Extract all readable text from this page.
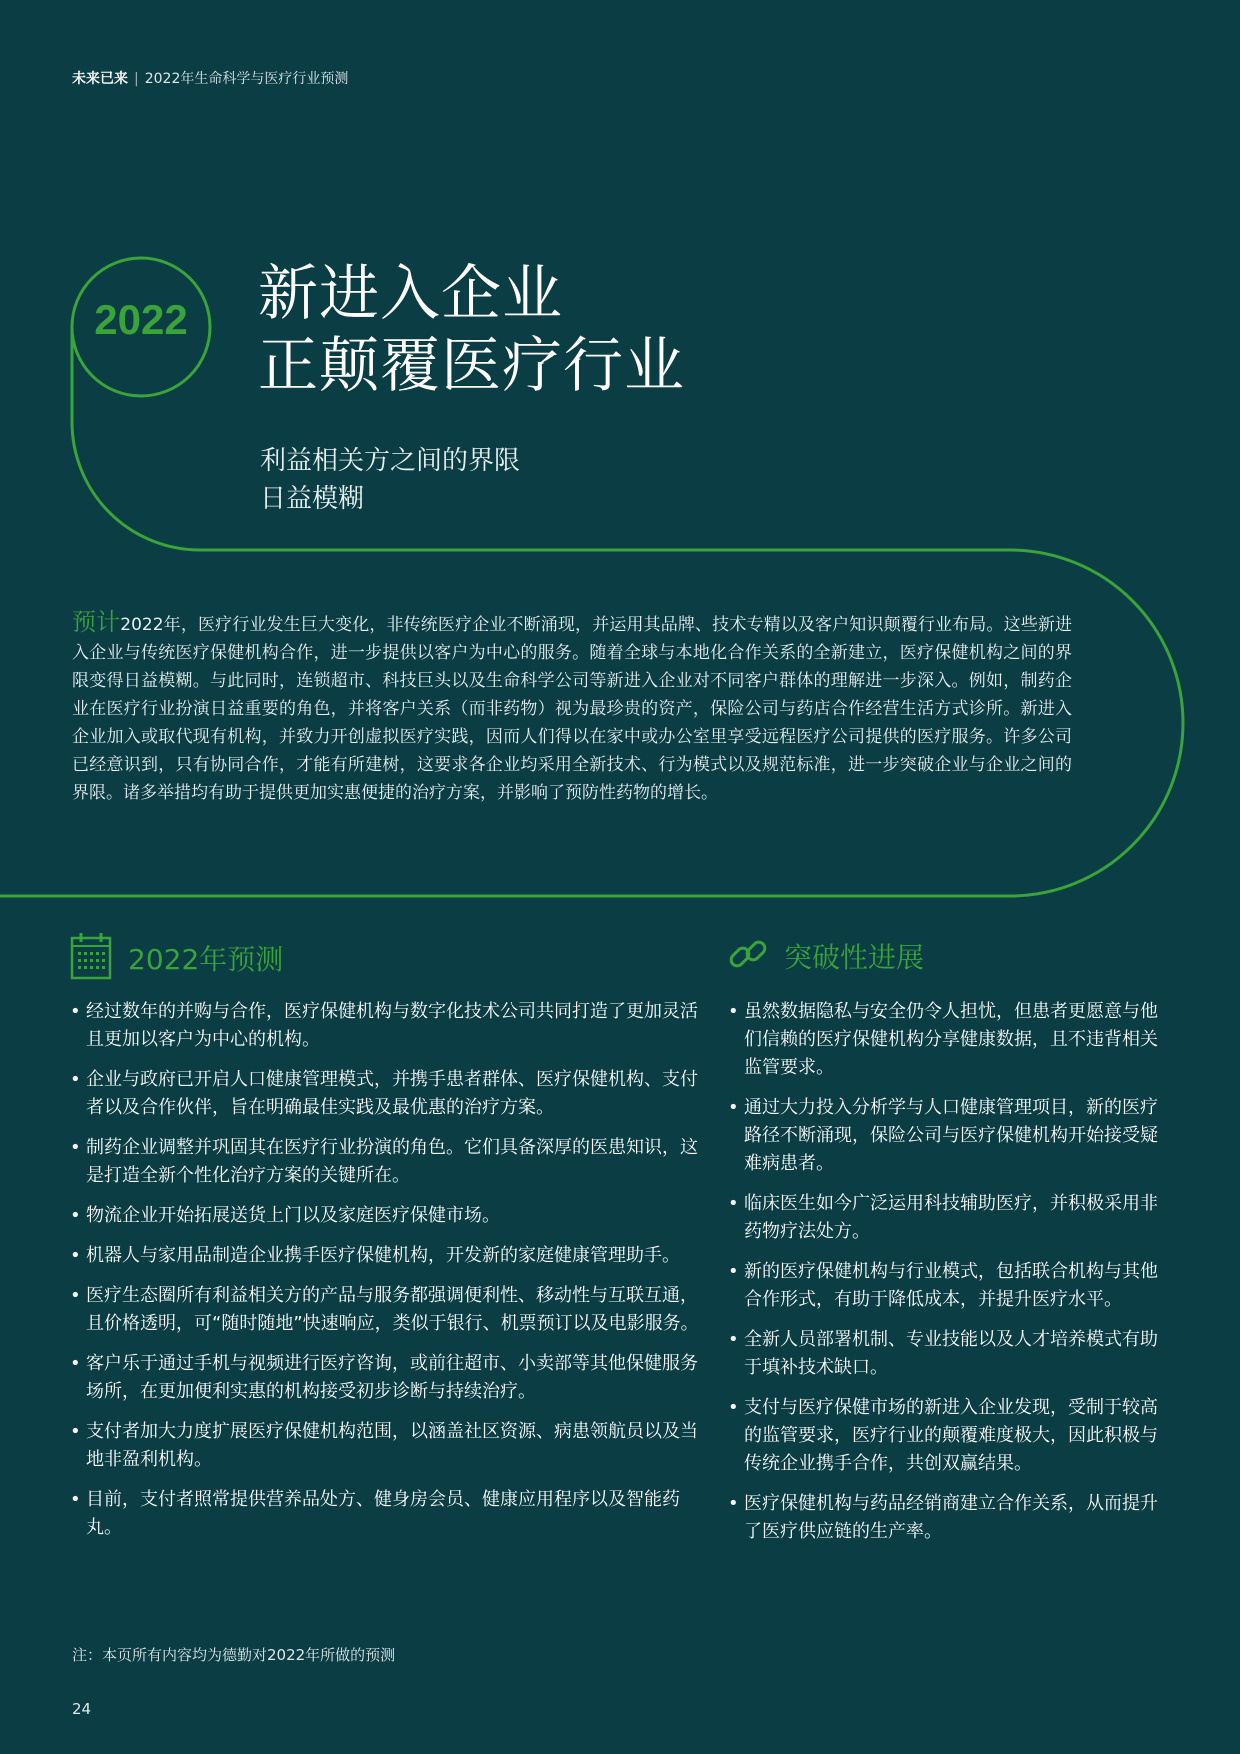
未来已来 | 2022年生命科学与医疗行业预测
2022	新进入企业
正颠覆医疗行业
利益相关方之间的界限
日益模糊
预计2022年，医疗行业发生巨大变化，非传统医疗企业不断涌现，并运用其品牌、技术专精以及客户知识颠覆行业布局。这些新进入企业与传统医疗保健机构合作，进一步提供以客户为中心的服务。随着全球与本地化合作关系的全新建立，医疗保健机构之间的界限变得日益模糊。与此同时，连锁超市、科技巨头以及生命科学公司等新进入企业对不同客户群体的理解进一步深入。例如，制药企业在医疗行业扮演日益重要的角色，并将客户关系（而非药物）视为最珍贵的资产，保险公司与药店合作经营生活方式诊所。新进入企业加入或取代现有机构，并致力开创虚拟医疗实践，因而人们得以在家中或办公室里享受远程医疗公司提供的医疗服务。许多公司已经意识到，只有协同合作，才能有所建树，这要求各企业均采用全新技术、行为模式以及规范标准，进一步突破企业与企业之间的界限。诸多举措均有助于提供更加实惠便捷的治疗方案，并影响了预防性药物的增长。
2022年预测	突破性进展
• 经过数年的并购与合作，医疗保健机构与数字化技术公司共同打造了更加灵活且更加以客户为中心的机构。
• 企业与政府已开启人口健康管理模式，并携手患者群体、医疗保健机构、支付者以及合作伙伴，旨在明确最佳实践及最优惠的治疗方案。
• 制药企业调整并巩固其在医疗行业扮演的角色。它们具备深厚的医患知识，这是打造全新个性化治疗方案的关键所在。
• 物流企业开始拓展送货上门以及家庭医疗保健市场。
• 机器人与家用品制造企业携手医疗保健机构，开发新的家庭健康管理助手。
• 医疗生态圈所有利益相关方的产品与服务都强调便利性、移动性与互联互通，且价格透明，可“随时随地”快速响应，类似于银行、机票预订以及电影服务。
• 客户乐于通过手机与视频进行医疗咨询，或前往超市、小卖部等其他保健服务场所，在更加便利实惠的机构接受初步诊断与持续治疗。
• 支付者加大力度扩展医疗保健机构范围，以涵盖社区资源、病患领航员以及当地非盈利机构。
• 目前，支付者照常提供营养品处方、健身房会员、健康应用程序以及智能药丸。
• 虽然数据隐私与安全仍令人担忧，但患者更愿意与他们信赖的医疗保健机构分享健康数据，且不违背相关监管要求。
• 通过大力投入分析学与人口健康管理项目，新的医疗路径不断涌现，保险公司与医疗保健机构开始接受疑难病患者。
• 临床医生如今广泛运用科技辅助医疗，并积极采用非药物疗法处方。
• 新的医疗保健机构与行业模式，包括联合机构与其他合作形式，有助于降低成本，并提升医疗水平。
• 全新人员部署机制、专业技能以及人才培养模式有助于填补技术缺口。
• 支付与医疗保健市场的新进入企业发现，受制于较高的监管要求，医疗行业的颠覆难度极大，因此积极与传统企业携手合作，共创双赢结果。
• 医疗保健机构与药品经销商建立合作关系，从而提升了医疗供应链的生产率。
注：本页所有内容均为德勤对2022年所做的预测
24
